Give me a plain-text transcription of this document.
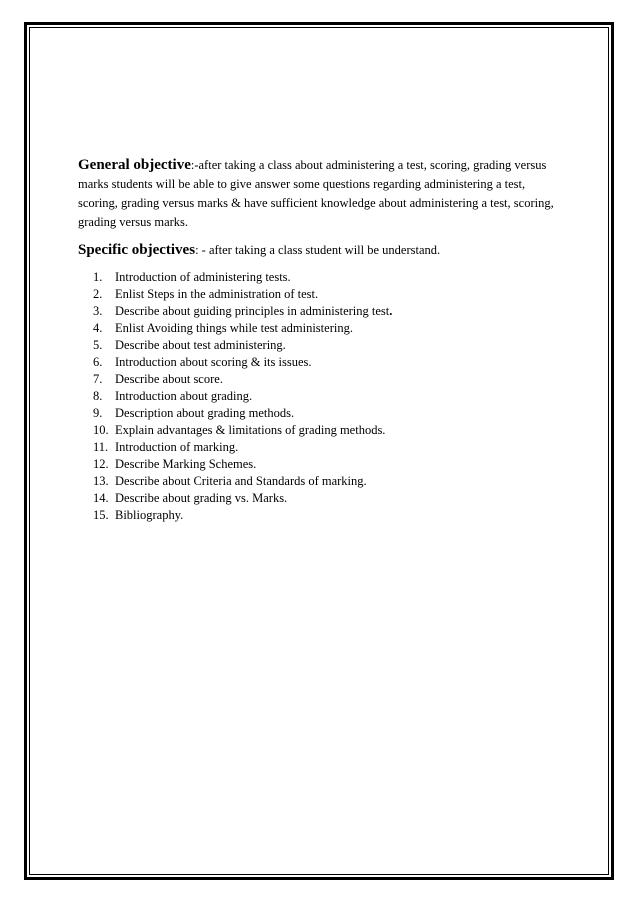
General objective:-after taking a class about administering a test, scoring, grading versus marks students will be able to give answer some questions regarding administering a test, scoring, grading versus marks & have sufficient knowledge about administering a test, scoring, grading versus marks.

Specific objectives: - after taking a class student will be understand.

1.	Introduction of administering tests.
2.	Enlist Steps in the administration of test.
3.	Describe about guiding principles in administering test.
4.	Enlist Avoiding things while test administering.
5.	Describe about test administering.
6.	Introduction about scoring & its issues.
7.	Describe about score.
8.	Introduction about grading.
9.	Description about grading methods.
10. Explain advantages & limitations of grading methods.
11. Introduction of marking.
12. Describe Marking Schemes.
13. Describe about Criteria and Standards of marking.
14. Describe about grading vs. Marks.
15. Bibliography.
